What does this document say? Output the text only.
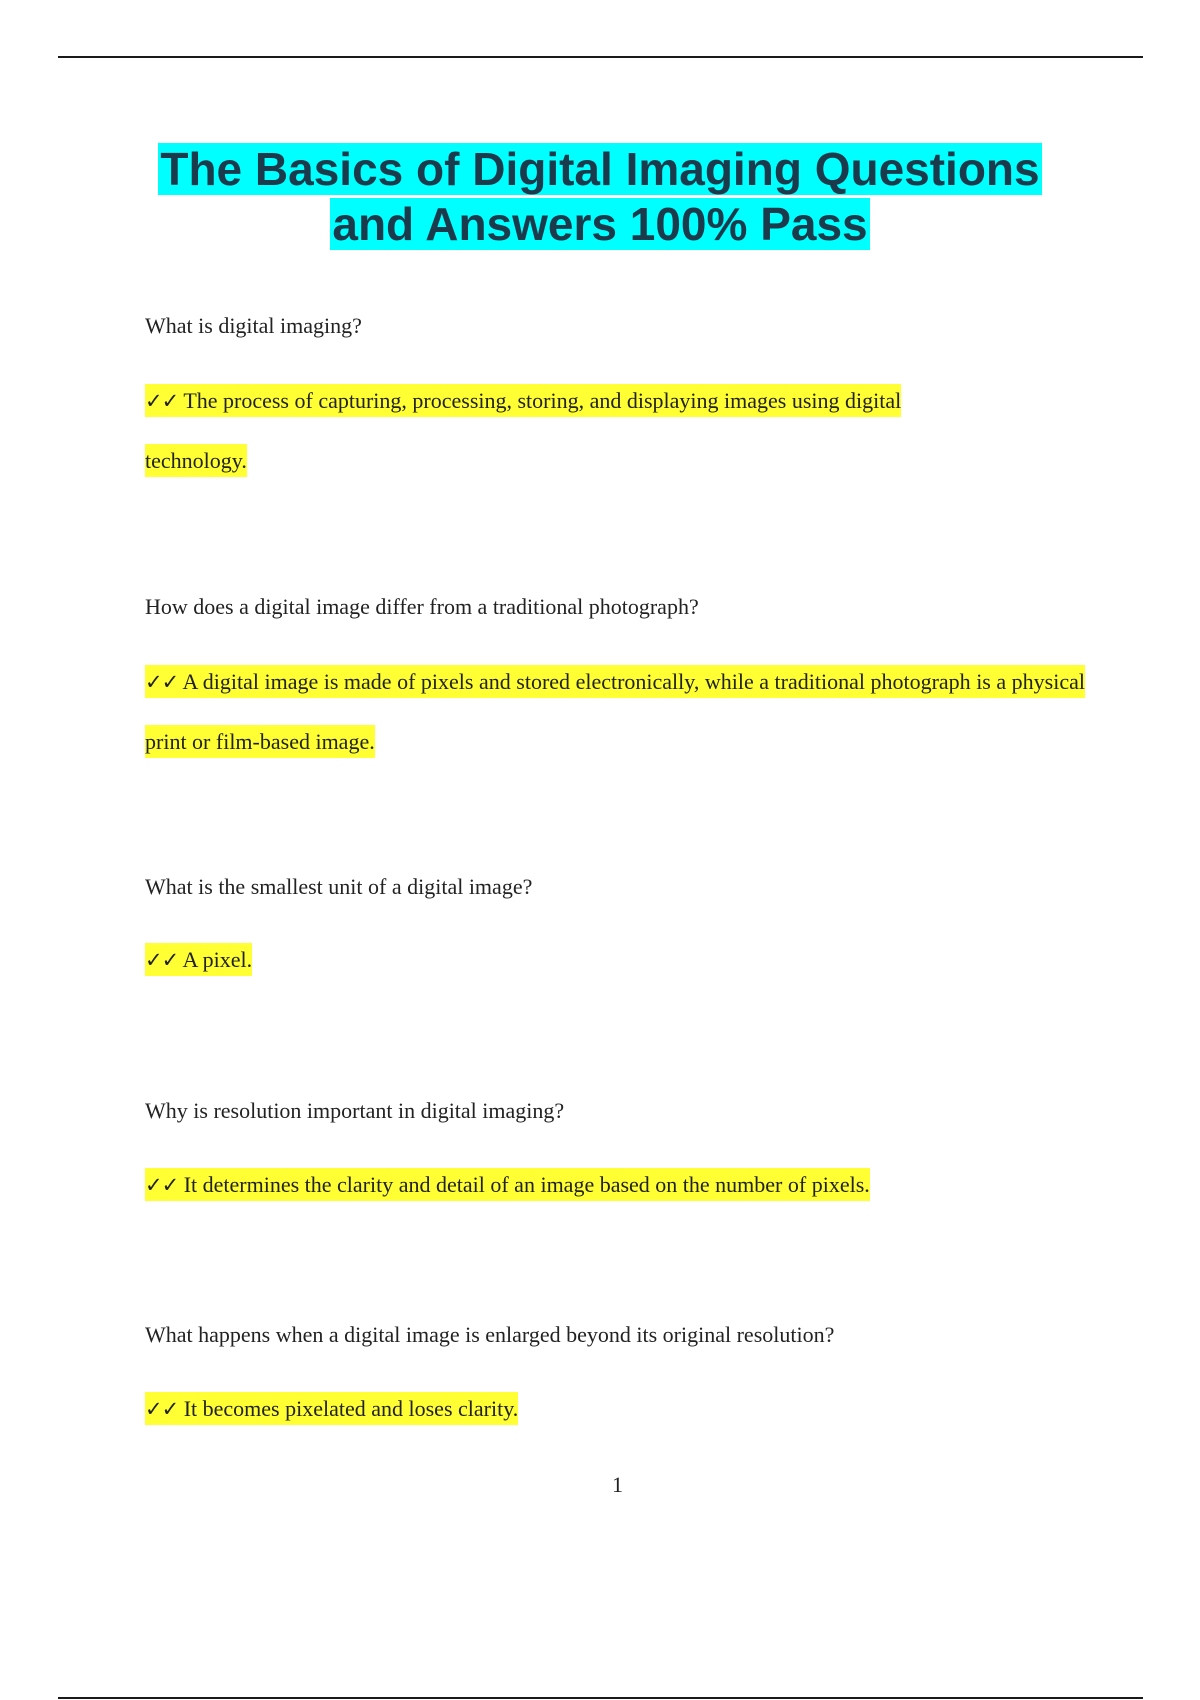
The Basics of Digital Imaging Questions
and Answers 100% Pass
What is digital imaging?
✓✓ The process of capturing, processing, storing, and displaying images using digital technology.
How does a digital image differ from a traditional photograph?
✓✓ A digital image is made of pixels and stored electronically, while a traditional photograph is a physical print or film-based image.
What is the smallest unit of a digital image?
✓✓ A pixel.
Why is resolution important in digital imaging?
✓✓ It determines the clarity and detail of an image based on the number of pixels.
What happens when a digital image is enlarged beyond its original resolution?
✓✓ It becomes pixelated and loses clarity.
1
